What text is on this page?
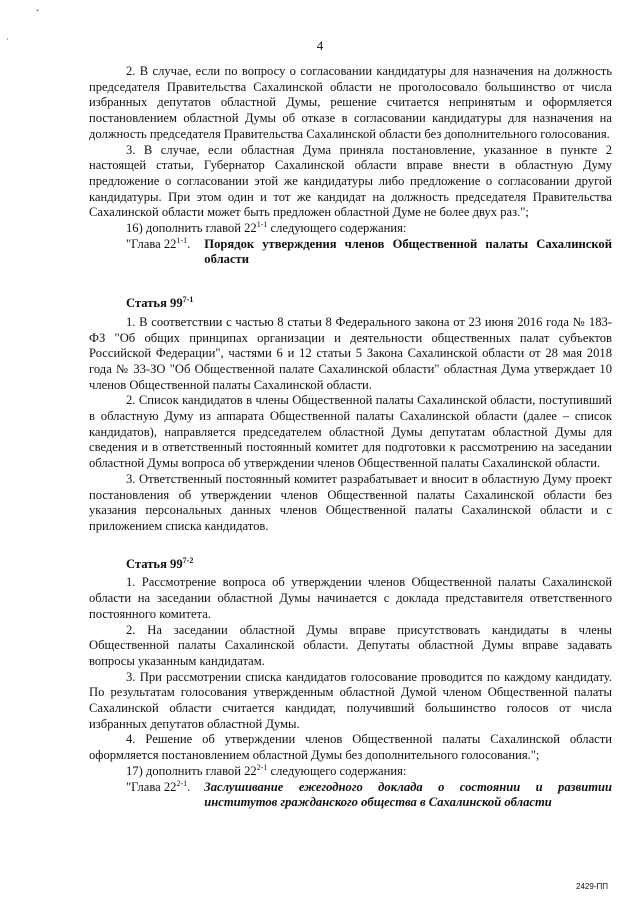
ˇ
·	4

2. В случае, если по вопросу о согласовании кандидатуры для назначения на должность председателя Правительства Сахалинской области не проголосовало большинство от числа избранных депутатов областной Думы, решение считается непринятым и оформляется постановлением областной Думы об отказе в согласовании кандидатуры для назначения на должность председателя Правительства Сахалинской области без дополнительного голосования.

3. В случае, если областная Дума приняла постановление, указанное в пункте 2 настоящей статьи, Губернатор Сахалинской области вправе внести в областную Думу предложение о согласовании этой же кандидатуры либо предложение о согласовании другой кандидатуры. При этом один и тот же кандидат на должность председателя Правительства Сахалинской области может быть предложен областной Думе не более двух раз.";

16) дополнить главой 22$^{1-1}$ следующего содержания:

"Глава 22$^{1-1}$.	Порядок утверждения членов Общественной палаты Сахалинской области
Статья 99$^{7-1}$

1. В соответствии с частью 8 статьи 8 Федерального закона от 23 июня 2016 года № 183-ФЗ "Об общих принципах организации и деятельности общественных палат субъектов Российской Федерации", частями 6 и 12 статьи 5 Закона Сахалинской области от 28 мая 2018 года № 33-ЗО "Об Общественной палате Сахалинской области" областная Дума утверждает 10 членов Общественной палаты Сахалинской области.

2. Список кандидатов в члены Общественной палаты Сахалинской области, поступивший в областную Думу из аппарата Общественной палаты Сахалинской области (далее – список кандидатов), направляется председателем областной Думы депутатам областной Думы для сведения и в ответственный постоянный комитет для подготовки к рассмотрению на заседании областной Думы вопроса об утверждении членов Общественной палаты Сахалинской области.

3. Ответственный постоянный комитет разрабатывает и вносит в областную Думу проект постановления об утверждении членов Общественной палаты Сахалинской области без указания персональных данных членов Общественной палаты Сахалинской области и с приложением списка кандидатов.

Статья 99$^{7-2}$

1. Рассмотрение вопроса об утверждении членов Общественной палаты Сахалинской области на заседании областной Думы начинается с доклада представителя ответственного постоянного комитета.

2. На заседании областной Думы вправе присутствовать кандидаты в члены Общественной палаты Сахалинской области. Депутаты областной Думы вправе задавать вопросы указанным кандидатам.

3. При рассмотрении списка кандидатов голосование проводится по каждому кандидату. По результатам голосования утвержденным областной Думой членом Общественной палаты Сахалинской области считается кандидат, получивший большинство голосов от числа избранных депутатов областной Думы.

4. Решение об утверждении членов Общественной палаты Сахалинской области оформляется постановлением областной Думы без дополнительного голосования.";

17) дополнить главой 22$^{2-1}$ следующего содержания:

"Глава 22$^{2-1}$.	Заслушивание ежегодного доклада о состоянии и развитии институтов гражданского общества в Сахалинской области
2429-ПП
